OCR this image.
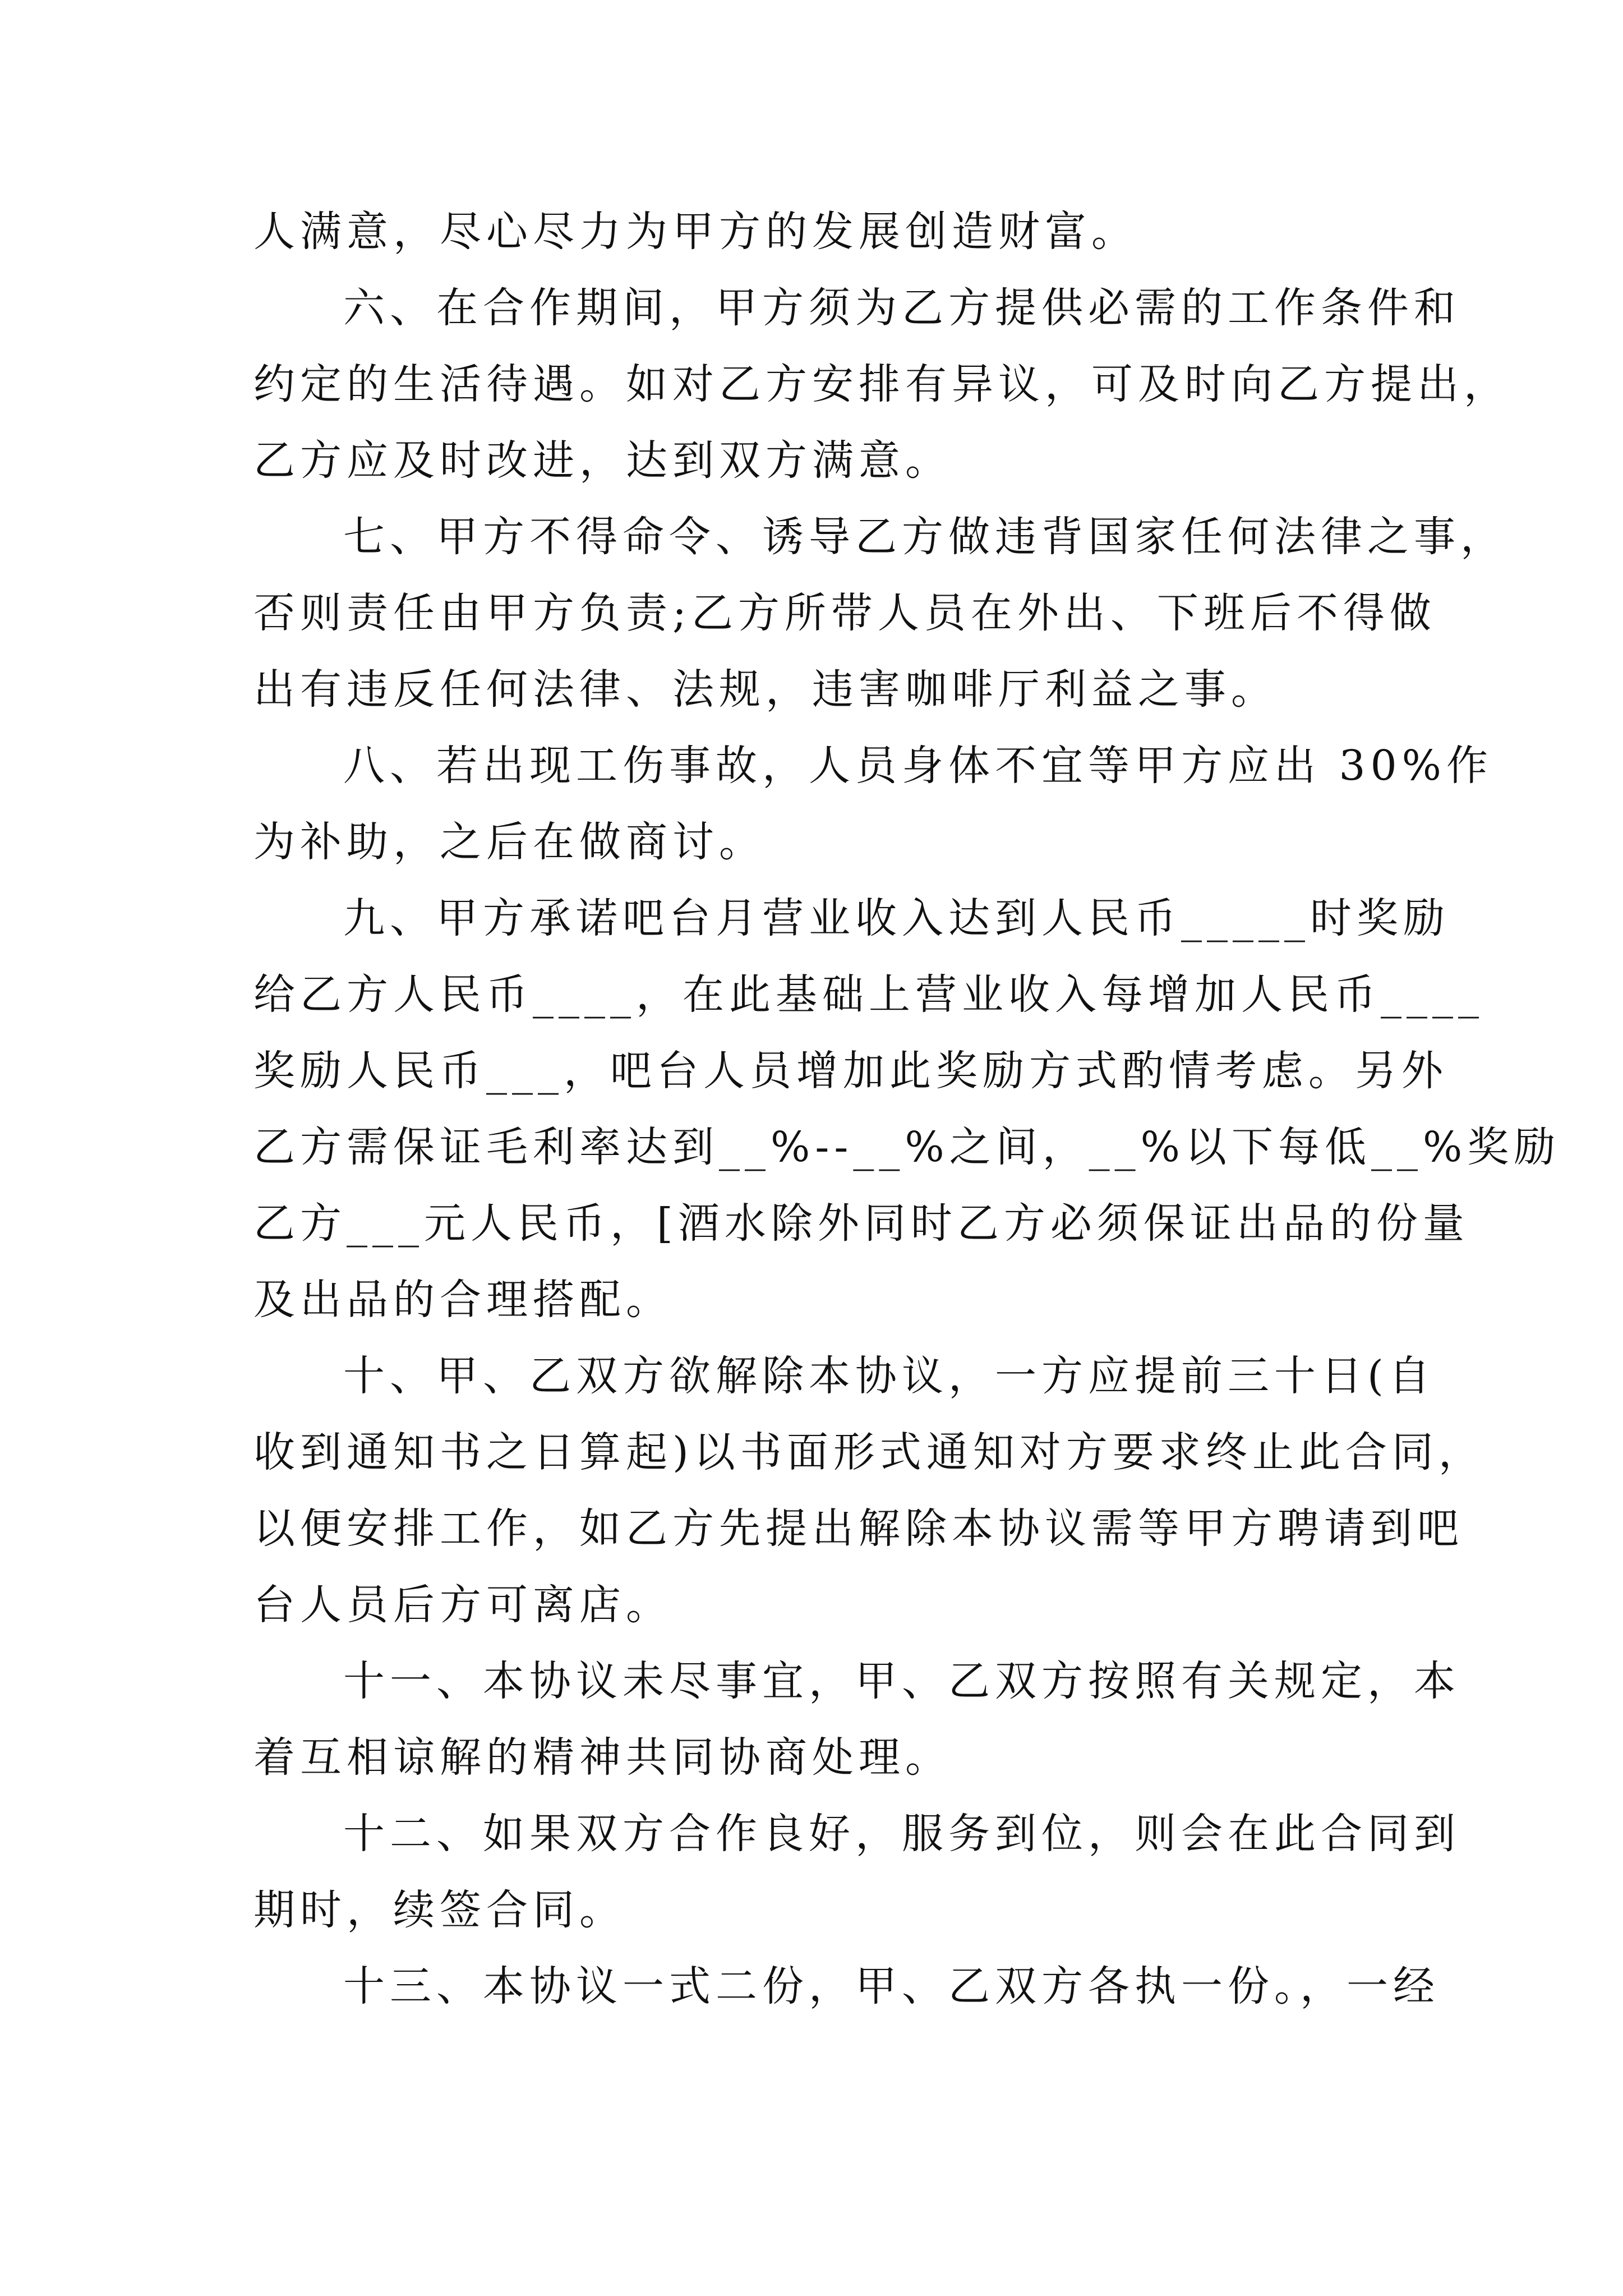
人满意，尽心尽力为甲方的发展创造财富。
六、在合作期间，甲方须为乙方提供必需的工作条件和
约定的生活待遇。如对乙方安排有异议，可及时向乙方提出，
乙方应及时改进，达到双方满意。
七、甲方不得命令、诱导乙方做违背国家任何法律之事，
否则责任由甲方负责;乙方所带人员在外出、下班后不得做
出有违反任何法律、法规，违害咖啡厅利益之事。
八、若出现工伤事故，人员身体不宜等甲方应出 30%作
为补助，之后在做商讨。
九、甲方承诺吧台月营业收入达到人民币_____时奖励
给乙方人民币____，在此基础上营业收入每增加人民币____
奖励人民币___，吧台人员增加此奖励方式酌情考虑。另外
乙方需保证毛利率达到__%--__%之间，__%以下每低__%奖励
乙方___元人民币，[酒水除外同时乙方必须保证出品的份量
及出品的合理搭配。
十、甲、乙双方欲解除本协议，一方应提前三十日(自
收到通知书之日算起)以书面形式通知对方要求终止此合同，
以便安排工作，如乙方先提出解除本协议需等甲方聘请到吧
台人员后方可离店。
十一、本协议未尽事宜，甲、乙双方按照有关规定，本
着互相谅解的精神共同协商处理。
十二、如果双方合作良好，服务到位，则会在此合同到
期时，续签合同。
十三、本协议一式二份，甲、乙双方各执一份。，一经
